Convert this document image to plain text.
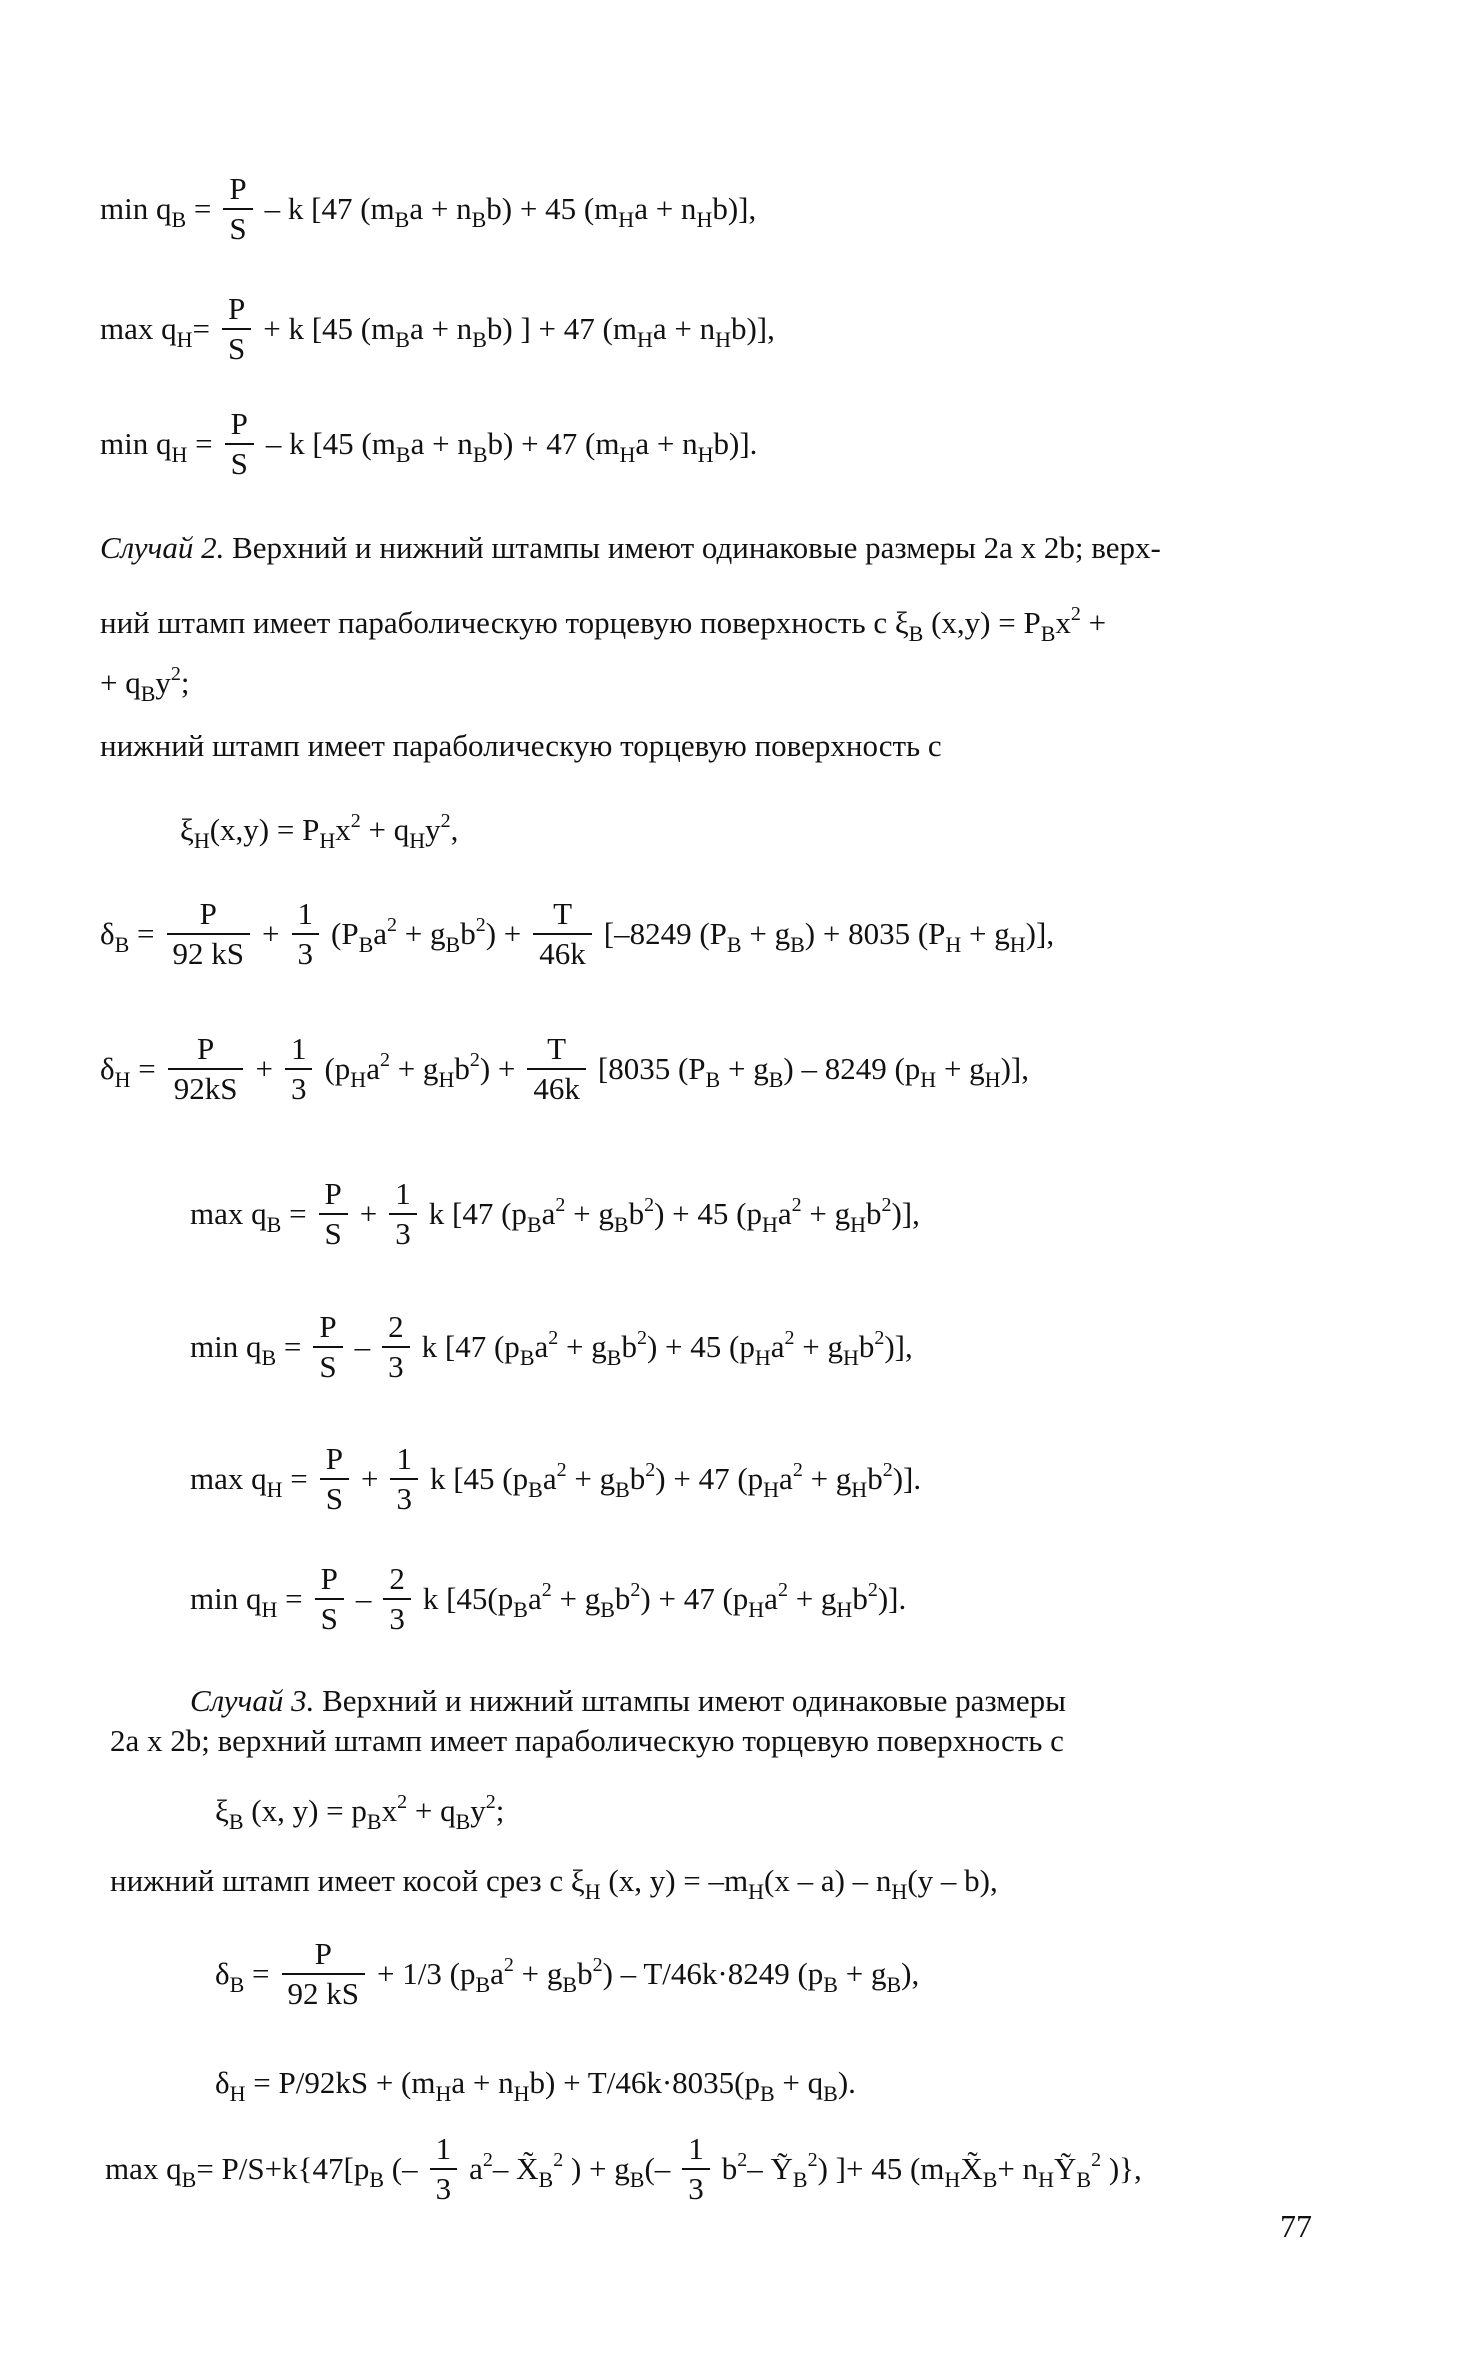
$\min q_B = \frac{P}{S} - k$ [47 $(m_Ba + n_Bb) + 45$ $(m_Ha + n_Hb)$],
$\max q_H= \frac{P}{S} + k$ [45 $(m_Ba + n_Bb)$ ] + 47 $(m_Ha + n_Hb)$],
$\min q_H = \frac{P}{S} - k$ [45 $(m_Ba + n_Bb) + 47$ $(m_Ha + n_Hb)$].
Случай 2. Верхний и нижний штампы имеют одинаковые размеры 2a x 2b; верх-
ний штамп имеет параболическую торцевую поверхность с $\xi_B$ $(x,y) = P_Bx^2$ +
+ $q_By^2$;
нижний штамп имеет параболическую торцевую поверхность с
$\xi_H(x,y) = P_Hx^2 + q_Hy^2$,
$\delta_B = \frac{P}{92 kS} + \frac{1}{3} (P_Ba^2 + g_Bb^2) + \frac{T}{46k} [-8249$ $(P_B + g_B) + 8035$ $(P_H + g_H)$],
$\delta_H = \frac{P}{92kS} + \frac{1}{3} (p_Ha^2 + g_Hb^2) + \frac{T}{46k} [8035$ $(P_B + g_B) - 8249$ $(p_H + g_H)$],
$\max q_B = \frac{P}{S} + \frac{1}{3}$ k [47 $(p_Ba^2 + g_Bb^2) + 45$ $(p_Ha^2 + g_Hb^2)$],
$\min q_B = \frac{P}{S} - \frac{2}{3}$ k [47 $(p_Ba^2 + g_Bb^2) + 45$ $(p_Ha^2 + g_Hb^2)$],
$\max q_H = \frac{P}{S} + \frac{1}{3}$ k [45 $(p_Ba^2 + g_Bb^2) + 47$ $(p_Ha^2 + g_Hb^2)$].
$\min q_H = \frac{P}{S} - \frac{2}{3}$ k [$45(p_Ba^2 + g_Bb^2) + 47$ $(p_Ha^2 + g_Hb^2)$].
Случай 3. Верхний и нижний штампы имеют одинаковые размеры
2a x 2b; верхний штамп имеет параболическую торцевую поверхность с
$\xi_B$ (x, $y) = p_Bx^2 + q_By^2$;
нижний штамп имеет косой срез с $\xi_H$ (x, $y) = -m_H(x - a) - n_H(y - b)$,
$\delta_B = \frac{P}{92 kS} + 1/3$ $(p_Ba^2 + g_Bb^2) - T/46k\cdot 8249$ $(p_B + g_B)$,
$\delta_H = P/92kS + (m_Ha + n_Hb) + T/46k\cdot 8035(p_B + q_B)$.
$\max q_B= P/S+k\{47[p_B$ (– $\frac{1}{3} a^2-$ $X̃_B^2$ ) + $g_B(- \frac{1}{3} b^2-$ Ỹ$_B^2$) ]+ 45 ($m_HX̃_B+$ $n_HỸ_B^2$ )},
77
